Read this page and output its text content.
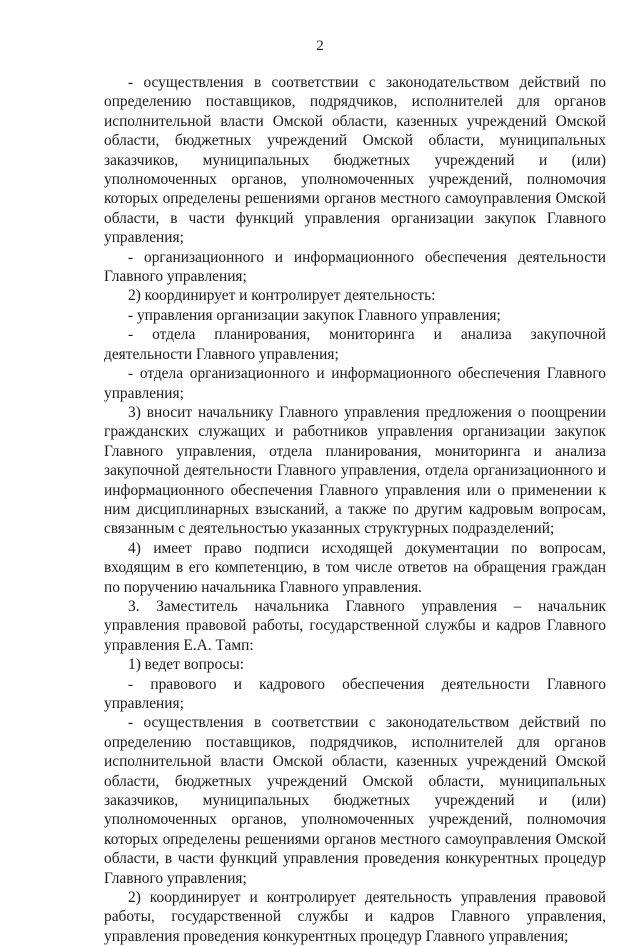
2

- осуществления в соответствии с законодательством действий по определению поставщиков, подрядчиков, исполнителей для органов исполнительной власти Омской области, казенных учреждений Омской области, бюджетных учреждений Омской области, муниципальных заказчиков, муниципальных бюджетных учреждений и (или) уполномоченных органов, уполномоченных учреждений, полномочия которых определены решениями органов местного самоуправления Омской области, в части функций управления организации закупок Главного управления;

- организационного и информационного обеспечения деятельности Главного управления;

2) координирует и контролирует деятельность:

- управления организации закупок Главного управления;

- отдела планирования, мониторинга и анализа закупочной деятельности Главного управления;

- отдела организационного и информационного обеспечения Главного управления;

3) вносит начальнику Главного управления предложения о поощрении гражданских служащих и работников управления организации закупок Главного управления, отдела планирования, мониторинга и анализа закупочной деятельности Главного управления, отдела организационного и информационного обеспечения Главного управления или о применении к ним дисциплинарных взысканий, а также по другим кадровым вопросам, связанным с деятельностью указанных структурных подразделений;

4) имеет право подписи исходящей документации по вопросам, входящим в его компетенцию, в том числе ответов на обращения граждан по поручению начальника Главного управления.

3. Заместитель начальника Главного управления – начальник управления правовой работы, государственной службы и кадров Главного управления Е.А. Тамп:

1) ведет вопросы:

- правового и кадрового обеспечения деятельности Главного управления;

- осуществления в соответствии с законодательством действий по определению поставщиков, подрядчиков, исполнителей для органов исполнительной власти Омской области, казенных учреждений Омской области, бюджетных учреждений Омской области, муниципальных заказчиков, муниципальных бюджетных учреждений и (или) уполномоченных органов, уполномоченных учреждений, полномочия которых определены решениями органов местного самоуправления Омской области, в части функций управления проведения конкурентных процедур Главного управления;

2) координирует и контролирует деятельность управления правовой работы, государственной службы и кадров Главного управления, управления проведения конкурентных процедур Главного управления;
